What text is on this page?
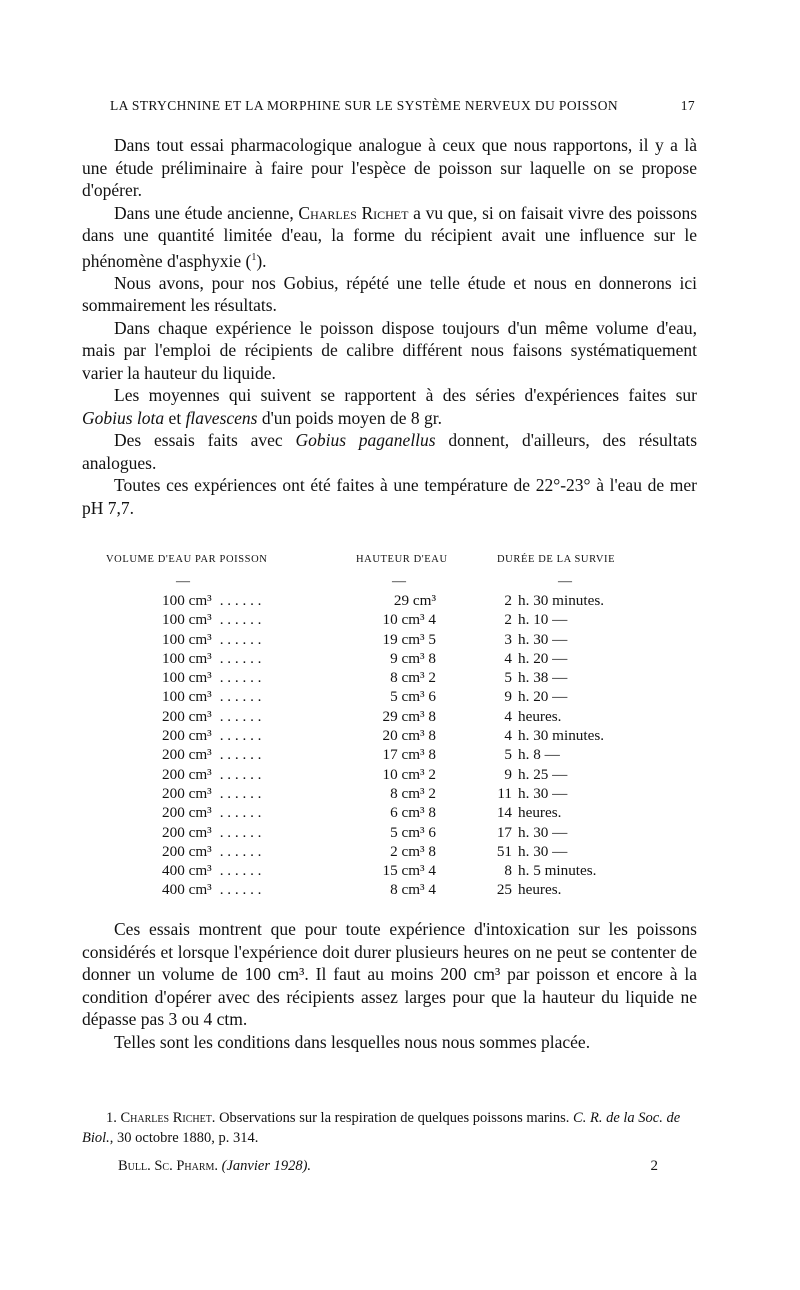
LA STRYCHNINE ET LA MORPHINE SUR LE SYSTÈME NERVEUX DU POISSON	17

Dans tout essai pharmacologique analogue à ceux que nous rapportons, il y a là une étude préliminaire à faire pour l'espèce de poisson sur laquelle on se propose d'opérer.

Dans une étude ancienne, Charles Richet a vu que, si on faisait vivre des poissons dans une quantité limitée d'eau, la forme du récipient avait une influence sur le phénomène d'asphyxie ($^1$).

Nous avons, pour nos Gobius, répété une telle étude et nous en donnerons ici sommairement les résultats.

Dans chaque expérience le poisson dispose toujours d'un même volume d'eau, mais par l'emploi de récipients de calibre différent nous faisons systématiquement varier la hauteur du liquide.

Les moyennes qui suivent se rapportent à des séries d'expériences faites sur Gobius lota et flavescens d'un poids moyen de 8 gr.

Des essais faits avec Gobius paganellus donnent, d'ailleurs, des résultats analogues.

Toutes ces expériences ont été faites à une température de 22°-23° à l'eau de mer pH 7,7.

VOLUME D'EAU PAR POISSON	HAUTEUR D'EAU	DURÉE DE LA SURVIE
—	—	—
100 cm³ . . . . . .	29 cm³	2 h. 30 minutes.
100 cm³ . . . . . .	10 cm³ 4	2 h. 10 —
100 cm³ . . . . . .	19 cm³ 5	3 h. 30 —
100 cm³ . . . . . .	9 cm³ 8	4 h. 20 —
100 cm³ . . . . . .	8 cm³ 2	5 h. 38 —
100 cm³ . . . . . .	5 cm³ 6	9 h. 20 —
200 cm³ . . . . . .	29 cm³ 8	4 heures.
200 cm³ . . . . . .	20 cm³ 8	4 h. 30 minutes.
200 cm³ . . . . . .	17 cm³ 8	5 h. 8 —
200 cm³ . . . . . .	10 cm³ 2	9 h. 25 —
200 cm³ . . . . . .	8 cm³ 2	11 h. 30 —
200 cm³ . . . . . .	6 cm³ 8	14 heures.
200 cm³ . . . . . .	5 cm³ 6	17 h. 30 —
200 cm³ . . . . . .	2 cm³ 8	51 h. 30 —
400 cm³ . . . . . .	15 cm³ 4	8 h. 5 minutes.
400 cm³ . . . . . .	8 cm³ 4	25 heures.

Ces essais montrent que pour toute expérience d'intoxication sur les poissons considérés et lorsque l'expérience doit durer plusieurs heures on ne peut se contenter de donner un volume de 100 cm³. Il faut au moins 200 cm³ par poisson et encore à la condition d'opérer avec des récipients assez larges pour que la hauteur du liquide ne dépasse pas 3 ou 4 ctm.

Telles sont les conditions dans lesquelles nous nous sommes placée.

1. Charles Richet. Observations sur la respiration de quelques poissons marins. C. R. de la Soc. de Biol., 30 octobre 1880, p. 314.

Bull. Sc. Pharm. (Janvier 1928).	2
